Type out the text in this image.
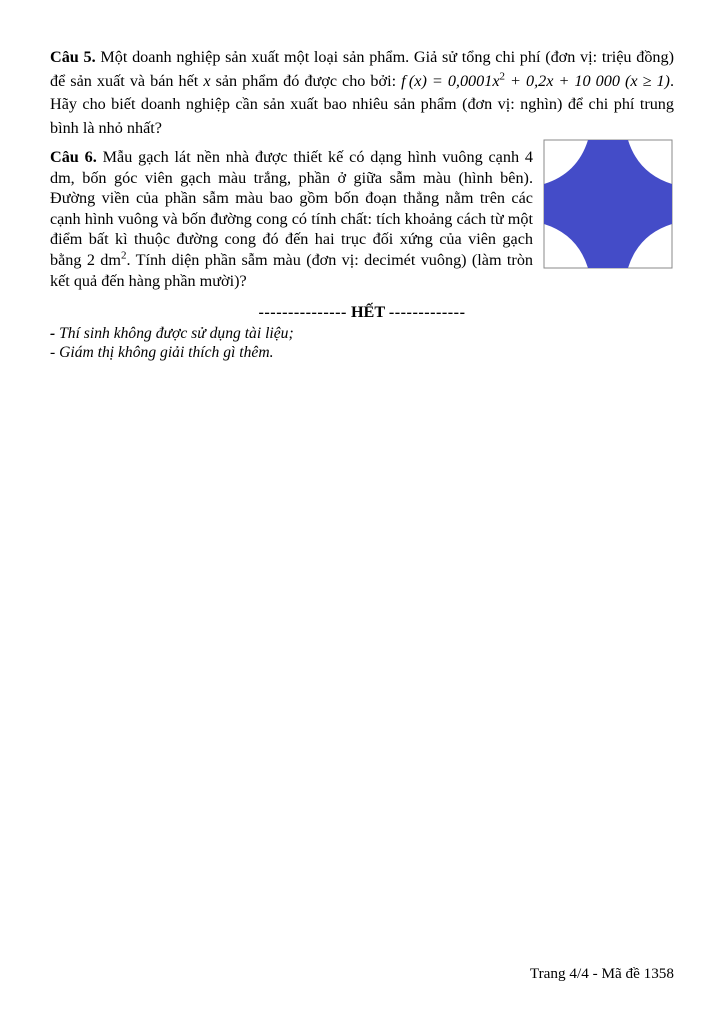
Câu 5. Một doanh nghiệp sản xuất một loại sản phẩm. Giả sử tổng chi phí (đơn vị: triệu đồng) để sản xuất và bán hết x sản phẩm đó được cho bởi: f $(x) = 0,0001x^2 + 0,2x + 10$ 000 (x ≥ 1). Hãy cho biết doanh nghiệp cần sản xuất bao nhiêu sản phẩm (đơn vị: nghìn) để chi phí trung bình là nhỏ nhất?

Câu 6. Mẫu gạch lát nền nhà được thiết kế có dạng hình vuông cạnh 4 dm, bốn góc viên gạch màu trắng, phần ở giữa sẫm màu (hình bên). Đường viền của phần sẫm màu bao gồm bốn đoạn thẳng nằm trên các cạnh hình vuông và bốn đường cong có tính chất: tích khoảng cách từ một điểm bất kì thuộc đường cong đó đến hai trục đối xứng của viên gạch bằng 2 $dm^2$. Tính diện phần sẫm màu (đơn vị: decimét vuông) (làm tròn kết quả đến hàng phần mười)?

--------------- HẾT -------------

- Thí sinh không được sử dụng tài liệu;

- Giám thị không giải thích gì thêm.

Trang 4/4 - Mã đề 1358
